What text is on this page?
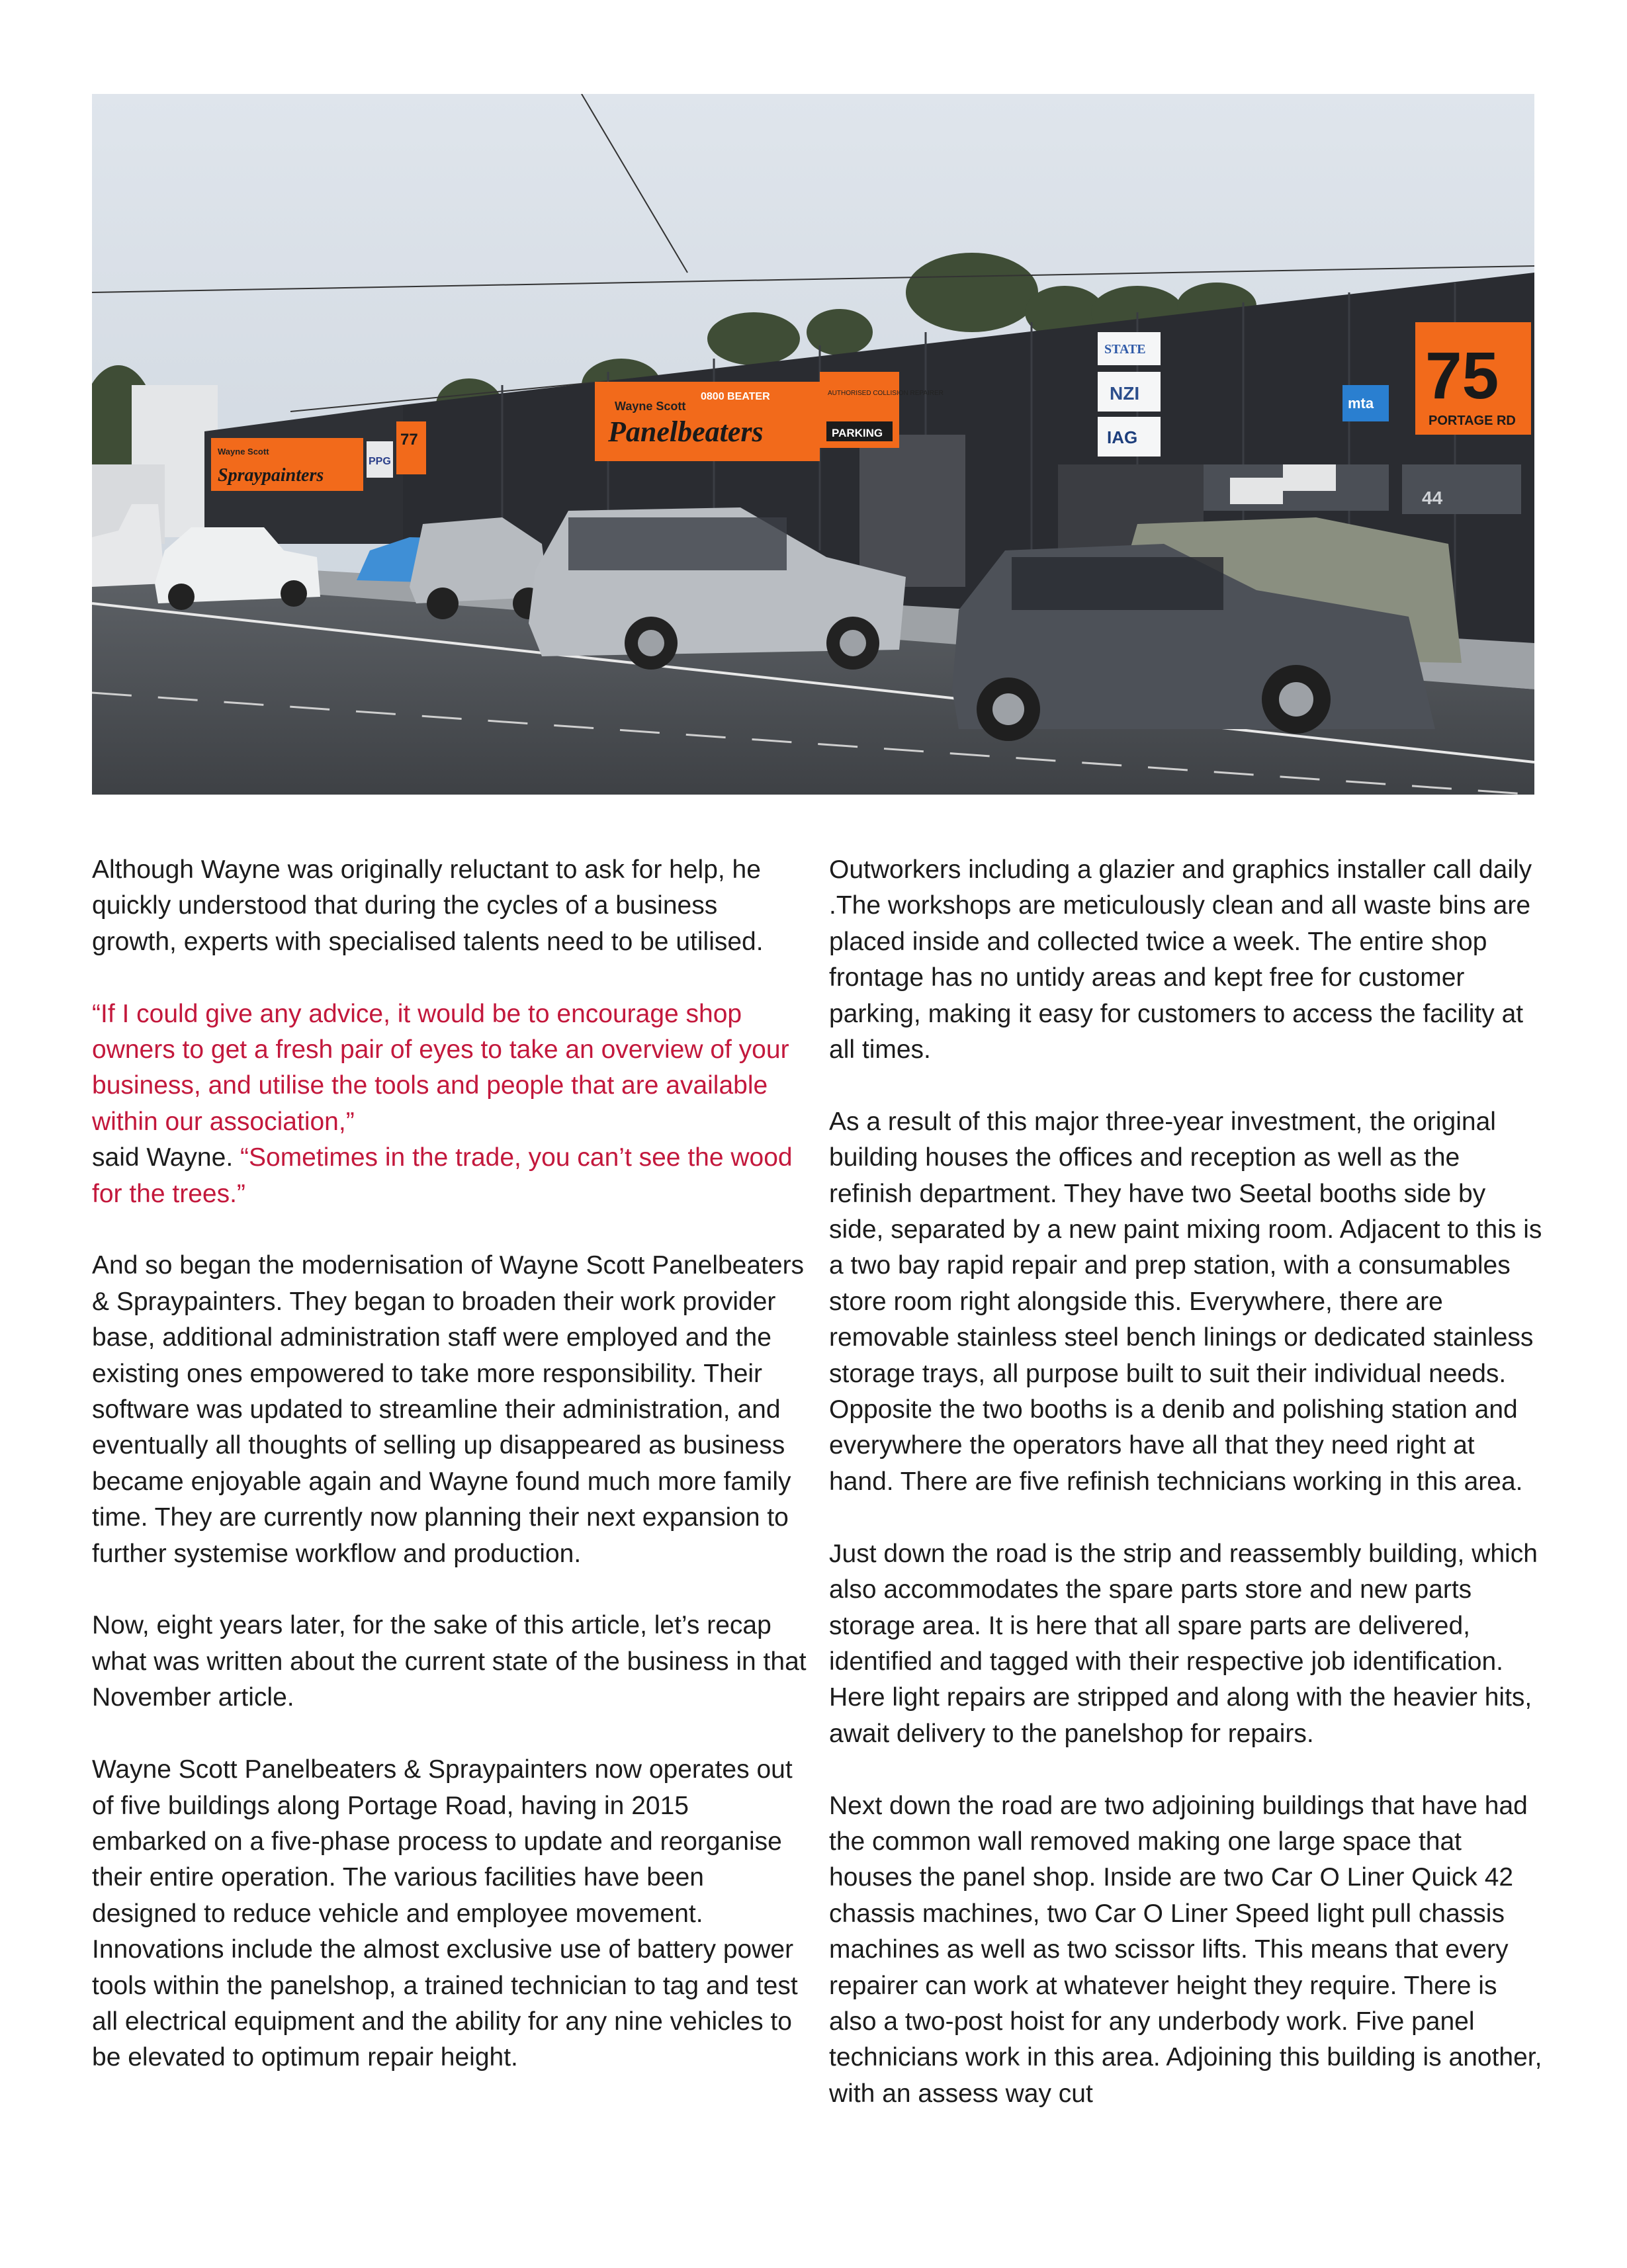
44
Wayne Scott
0800 BEATER
Panelbeaters
AUTHORISED COLLISION REPAIRER
PARKING
Wayne Scott
Spraypainters
77
PPG
STATE
NZI
IAG
mta 75
PORTAGE RD

Although Wayne was originally reluctant to ask for help, he quickly understood that during the cycles of a business growth, experts with specialised talents need to be utilised.

“If I could give any advice, it would be to encourage shop owners to get a fresh pair of eyes to take an overview of your business, and utilise the tools and people that are available within our association,”
said Wayne. “Sometimes in the trade, you can’t see the wood for the trees.”

And so began the modernisation of Wayne Scott Panelbeaters & Spraypainters. They began to broaden their work provider base, additional administration staff were employed and the existing ones empowered to take more responsibility. Their software was updated to streamline their administration, and eventually all thoughts of selling up disappeared as business became enjoyable again and Wayne found much more family time. They are currently now planning their next expansion to further systemise workflow and production.

Now, eight years later, for the sake of this article, let’s recap what was written about the current state of the business in that November article.

Wayne Scott Panelbeaters & Spraypainters now operates out of five buildings along Portage Road, having in 2015 embarked on a five-phase process to update and reorganise their entire operation. The various facilities have been designed to reduce vehicle and employee movement. Innovations include the almost exclusive use of battery power tools within the panelshop, a trained technician to tag and test all electrical equipment and the ability for any nine vehicles to be elevated to optimum repair height.

Outworkers including a glazier and graphics installer call daily .The workshops are meticulously clean and all waste bins are placed inside and collected twice a week. The entire shop frontage has no untidy areas and kept free for customer parking, making it easy for customers to access the facility at all times.

As a result of this major three-year investment, the original building houses the offices and reception as well as the refinish department. They have two Seetal booths side by side, separated by a new paint mixing room. Adjacent to this is a two bay rapid repair and prep station, with a consumables store room right alongside this. Everywhere, there are removable stainless steel bench linings or dedicated stainless storage trays, all purpose built to suit their individual needs. Opposite the two booths is a denib and polishing station and everywhere the operators have all that they need right at hand. There are five refinish technicians working in this area.

Just down the road is the strip and reassembly building, which also accommodates the spare parts store and new parts storage area. It is here that all spare parts are delivered, identified and tagged with their respective job identification. Here light repairs are stripped and along with the heavier hits, await delivery to the panelshop for repairs.

Next down the road are two adjoining buildings that have had the common wall removed making one large space that houses the panel shop. Inside are two Car O Liner Quick 42 chassis machines, two Car O Liner Speed light pull chassis machines as well as two scissor lifts. This means that every repairer can work at whatever height they require. There is also a two-post hoist for any underbody work. Five panel technicians work in this area. Adjoining this building is another, with an assess way cut
